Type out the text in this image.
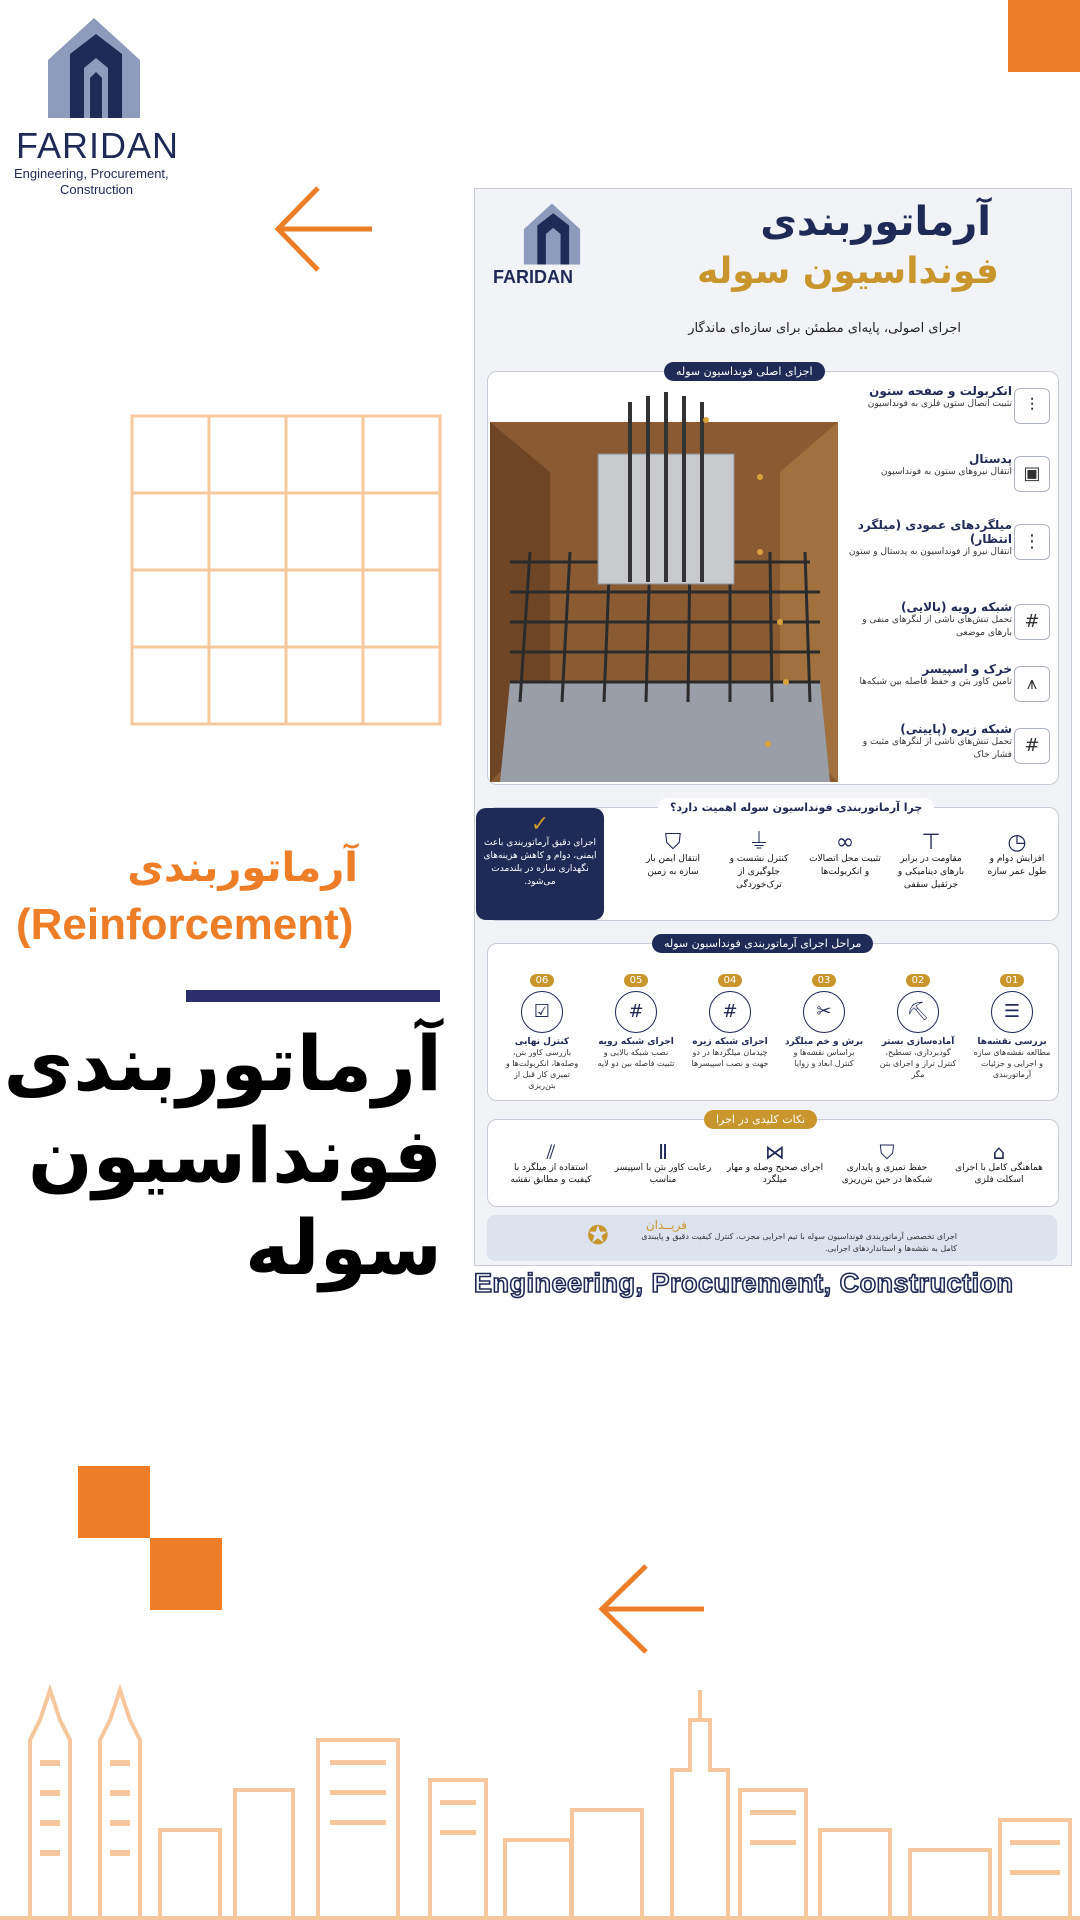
FARIDAN
Engineering, Procurement,
Construction
آرماتوربندی
(Reinforcement)
آرماتوربندی
فونداسیون
سوله
FARIDAN
آرماتوربندی
فونداسیون سوله
اجرای اصولی، پایه‌ای مطمئن برای سازه‌ای ماندگار
اجزای اصلی فونداسیون سوله
انکربولت و صفحه ستون
تثبیت اتصال ستون فلزی به فونداسیون ⫶
پدستال
انتقال نیروهای ستون به فونداسیون ▣
میلگردهای عمودی (میلگرد انتظار)
انتقال نیرو از فونداسیون به پدستال و ستون ⋮
شبکه رویه (بالایی)
تحمل تنش‌های ناشی از لنگرهای منفی و بارهای موضعی
#
خرک و اسپیسر
تامین کاور بتن و حفظ فاصله بین شبکه‌ها ⩚
شبکه زیره (پایینی)
تحمل تنش‌های ناشی از لنگرهای مثبت و فشار خاک #
چرا آرماتوربندی فونداسیون سوله اهمیت دارد؟
✓
اجرای دقیق آرماتوربندی باعث ایمنی، دوام و کاهش هزینه‌های نگهداری سازه در بلندمدت می‌شود.
◷
افزایش دوام و طول عمر سازه
⊤
مقاومت در برابر بارهای دینامیکی و جرثقیل سقفی
∞
تثبیت محل اتصالات و انکربولت‌ها
⏚
کنترل نشست و جلوگیری از ترک‌خوردگی
⛉
انتقال ایمن بار سازه به زمین
مراحل اجرای آرماتوربندی فونداسیون سوله
01
☰
بررسی نقشه‌ها
مطالعه نقشه‌های سازه و اجرایی و جزئیات آرماتوربندی
02
⛏
آماده‌سازی بستر
گودبرداری، تسطیح، کنترل تراز و اجرای بتن مگر
03
✂
برش و خم میلگرد
براساس نقشه‌ها و کنترل ابعاد و زوایا
04
#
اجرای شبکه زیره
چیدمان میلگردها در دو جهت و نصب اسپیسرها
05
#
اجرای شبکه رویه
نصب شبکه بالایی و تثبیت فاصله بین دو لایه
06
☑
کنترل نهایی
بازرسی کاور بتن، وصله‌ها، انکربولت‌ها و تمیزی کار قبل از بتن‌ریزی
نکات کلیدی در اجرا
⌂
هماهنگی کامل با اجرای اسکلت فلزی
⛉
حفظ تمیزی و پایداری شبکه‌ها در حین بتن‌ریزی
⋈
اجرای صحیح وصله و مهار میلگرد
Ⅱ
رعایت کاور بتن با اسپیسر مناسب
⫽
استفاده از میلگرد با کیفیت و مطابق نقشه
✪	فریــدان
اجرای تخصصی آرماتوربندی فونداسیون سوله با تیم اجرایی مجرب، کنترل کیفیت دقیق و پایبندی کامل به نقشه‌ها و استانداردهای اجرایی.
Engineering, Procurement, Construction
